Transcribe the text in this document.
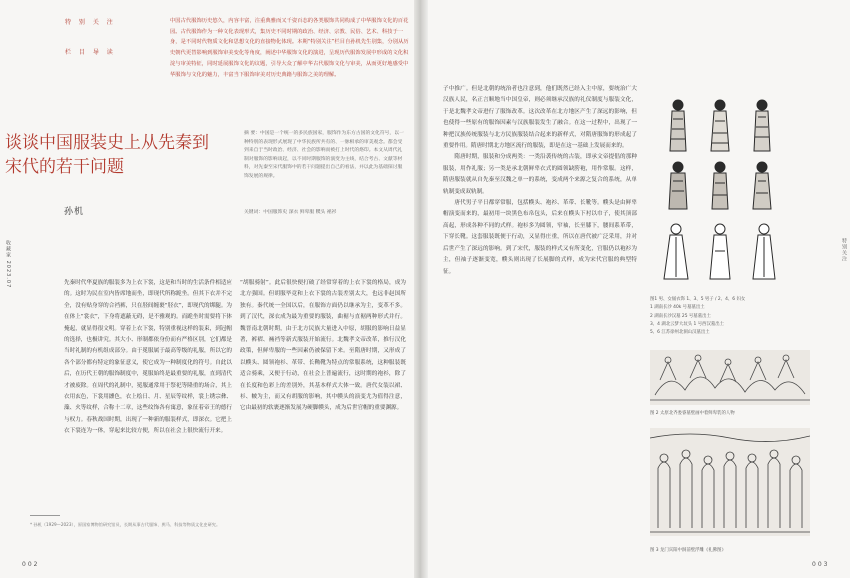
特 别 关 注
栏 目 导 读
中国古代服饰历史悠久，内容丰富，注重典雅而又千姿百态的各类服饰共同构成了中华服饰文化的百花园。古代服饰作为一种文化表现形式，集历史不同时期的政治、经济、宗教、民俗、艺术、科技于一身，是不同时代物质文化和思想文化的直接物化体现。本期“特别关注”栏目自孙机先生别集，分别从历史朝代更替影响到服饰审美变化等角度，阐述中华服饰文化的演进，呈现历代服饰发展中形成的文化积淀与审美特征，同时延展服饰文化的议题，引导大众了解中华古代服饰文化与审美，从而更好地感受中华服饰与文化的魅力，丰富当下服饰审美对历史典籍与服饰之美的理解。
谈谈中国服装史上从先秦到宋代的若干问题
摘 要：中国是一个统一的多民族国家，服饰作为东方古国的文化符号，以一种特别的表现形式展现了中华民族所共有的、一脉相承的审美观念。都会受到来自于当时政治、经济、社会的影响而被打上时代的烙印。本文从周代礼制对服饰的影响谈起，以不同时期服饰的演变为主线，结合考古、文献等材料，对先秦至宋代服饰中的若干问题提出自己的看法，并以此为基础探讨服饰发展的规律。
关键词：中国服饰史 深衣 鲜卑服 幞头 裙衫
孙机
收藏家 2023.07	先秦时代华夏族的服装多为上衣下裳，这是和当时的生活条件相适应的。这时为民在室内皆席地而坐，即现代所称跪坐。但其下衣并不完全，没有贴身穿的合裆裤，只在胫间缠裹“胫衣”，即现代的绑腿。为在体上“裳衣”，下身将遮蔽无碍，是不雅观的。而跪坐时需要将下体掩起，就显得很文明。穿着上衣下裳，特别重视这样的装束，到冠帽的选择，也极讲究。其大小、形制都依身份而有严格区别，它们都是当时礼制的有机组成部分。由于冕服属于最高等级的礼服，所以它的各个部分都有特定的象征意义，使它成为一种制度化的符号。自此以后，在历代王朝的服饰制度中，冕服始终是最重要的礼服，直到清代才被废除。在周代的礼制中，冕服通常用于祭祀等隆重的场合，其上衣用玄色，下裳用纁色，衣上绘日、月、星辰等纹样，裳上绣宗彝、藻、火等纹样，合称十二章，这些纹饰各有寓意，象征着帝王的德行与权力。春秋战国时期，出现了一种新的服装样式，即深衣。它把上衣下裳连为一体，穿起来比较方便，所以在社会上很快流行开来。
“胡服骑射”。此后很快便打破了经常穿着的上衣下裳的格局，成为北方强国。但胡服毕竟和上衣下裳的古装差别太大，也远非赵国所独有。秦代统一全国以后，在服饰方面仍以继承为主，变革不多。到了汉代，深衣成为最为重要的服装，曲裾与直裾两种形式并行。魏晋南北朝时期，由于北方民族大量进入中原，胡服的影响日益显著，裤褶、裲裆等新式服装开始流行。北魏孝文帝改革，推行汉化政策，但鲜卑服的一些因素仍被保留下来。至隋唐时期，又形成了以幞头、圆领袍衫、革带、长靿靴为特点的常服系统，这种服装既适合骑乘，又便于行动，在社会上普遍流行，这时期的袍衫，除了在长度和色彩上的差别外，其基本样式大体一致。唐代女装以裙、衫、帔为主，而又有胡服的影响，其中幞头的演变尤为值得注意，它由最初的软裹逐渐发展为硬脚幞头，成为后世官帽的重要渊源。
* 孙机（1929—2023），原国家博物馆研究馆员，长期从事古代服饰、舆马、科技等物质文化史研究。
002
子中推广。但是北朝的统治者也注意到，他们既然已经入主中原，要统治广大汉族人民，名正言顺地当中国皇帝，则必须继承汉族的礼仪制度与服装文化，于是北魏孝文帝进行了服饰改革。这次改革在北方地区产生了深远的影响，但也使得一些原有的服饰因素与汉族服装发生了融合。在这一过程中，出现了一种把汉族传统服装与北方民族服装结合起来的新样式，对隋唐服饰的形成起了重要作用。隋唐时期北方地区流行的服装，即是在这一基础上发展而来的。
　　隋唐时期，服装和分成两类：一类沿袭传统的古装，即承文帝提倡的那种服装，用作礼服；另一类是承北朝鲜卑衣式的圆领缺胯袍，用作常服。这样，隋唐服装就从自先秦至汉魏之单一的系统，变成两个来源之复合的系统，从单轨制变成双轨制。
　　唐代男子平日都穿常服，包括幞头、袍衫、革带、长靴等。幞头是由鲜卑帽演变而来的，最初用一块黑色布帛包头，后来在幞头下衬以巾子，使其顶部高起，形成各种不同的式样。袍衫多为圆领，窄袖，长至膝下，腰间系革带，下穿长靴。这套服装既便于行动，又显得庄重，所以在唐代被广泛采用，并对后世产生了深远的影响。到了宋代，服装的样式又有所变化，官服仍以袍衫为主，但袖子逐渐变宽，幞头则出现了长展脚的式样，成为宋代官服的典型特征。
图1 男、女俑衣饰 1、3、5 男子 / 2、4、6 妇女
1 湖南长沙 40k 号墓墓出土
2 湖南长沙汉墓 25 号墓墓出土
3、4 湖北云梦大坟头 1 号西汉墓出土
5、6 江苏徐州北洞山汉墓出土
图 2 太原北齐娄睿墓壁画中着鲜卑装的人物
图 3 龙门宾阳中洞前壁浮雕《礼佛图》
特别关注
003
